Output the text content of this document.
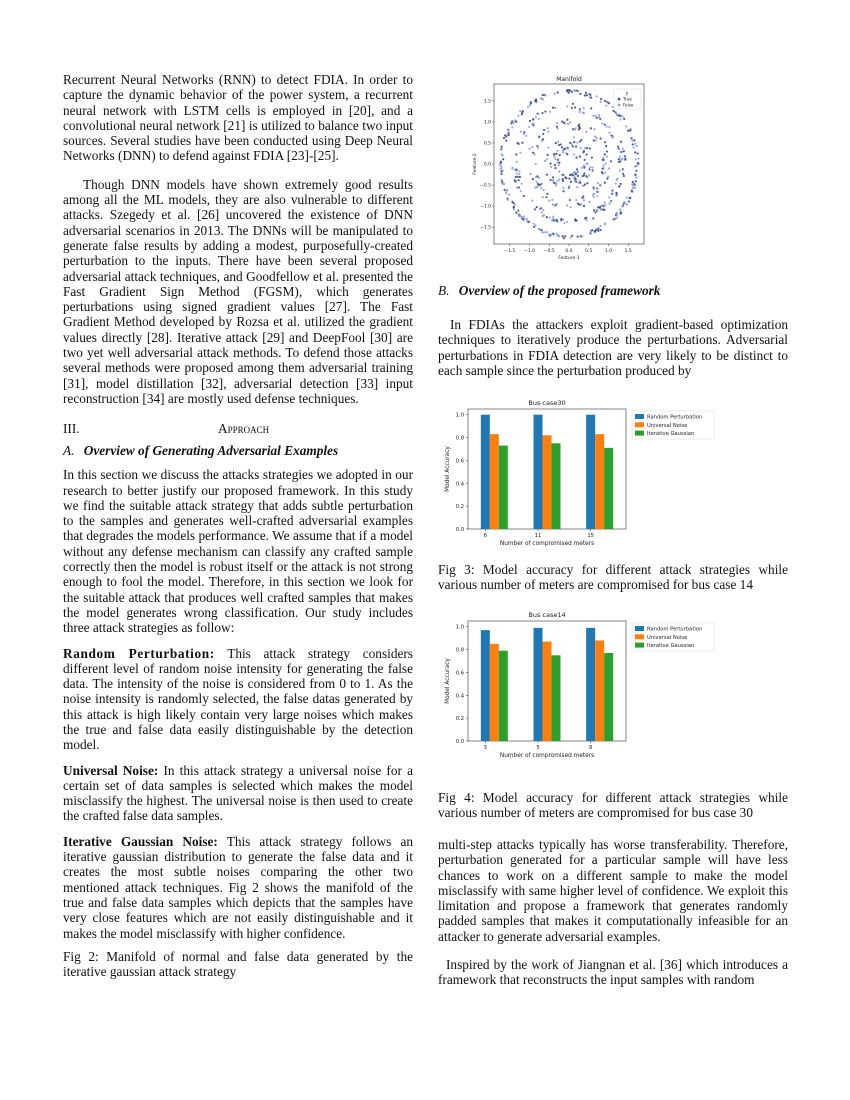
Recurrent Neural Networks (RNN) to detect FDIA. In order to capture the dynamic behavior of the power system, a recurrent neural network with LSTM cells is employed in [20], and a convolutional neural network [21] is utilized to balance two input sources. Several studies have been conducted using Deep Neural Networks (DNN) to defend against FDIA [23]-[25].

Though DNN models have shown extremely good results among all the ML models, they are also vulnerable to different attacks. Szegedy et al. [26] uncovered the existence of DNN adversarial scenarios in 2013. The DNNs will be manipulated to generate false results by adding a modest, purposefully-created perturbation to the inputs. There have been several proposed adversarial attack techniques, and Goodfellow et al. presented the Fast Gradient Sign Method (FGSM), which generates perturbations using signed gradient values [27]. The Fast Gradient Method developed by Rozsa et al. utilized the gradient values directly [28]. Iterative attack [29] and DeepFool [30] are two yet well adversarial attack methods. To defend those attacks several methods were proposed among them adversarial training [31], model distillation [32], adversarial detection [33] input reconstruction [34] are mostly used defense techniques.

III.	Approach
A. Overview of Generating Adversarial Examples

In this section we discuss the attacks strategies we adopted in our research to better justify our proposed framework. In this study we find the suitable attack strategy that adds subtle perturbation to the samples and generates well-crafted adversarial examples that degrades the models performance. We assume that if a model without any defense mechanism can classify any crafted sample correctly then the model is robust itself or the attack is not strong enough to fool the model. Therefore, in this section we look for the suitable attack that produces well crafted samples that makes the model generates wrong classification. Our study includes three attack strategies as follow:

Random Perturbation: This attack strategy considers different level of random noise intensity for generating the false data. The intensity of the noise is considered from 0 to 1. As the noise intensity is randomly selected, the false datas generated by this attack is high likely contain very large noises which makes the true and false data easily distinguishable by the detection model.

Universal Noise: In this attack strategy a universal noise for a certain set of data samples is selected which makes the model misclassify the highest. The universal noise is then used to create the crafted false data samples.

Iterative Gaussian Noise: This attack strategy follows an iterative gaussian distribution to generate the false data and it creates the most subtle noises comparing the other two mentioned attack techniques. Fig 2 shows the manifold of the true and false data samples which depicts that the samples have very close features which are not easily distinguishable and it makes the model misclassify with higher confidence.

Fig 2: Manifold of normal and false data generated by the iterative gaussian attack strategy

Manifold
−1.5 −1.0 −0.5 0.0	0.5	1.0	1.5
1.5
1.0
0.5
0.0
−0.5
−1.0
−1.5
Feature-1
Feature-2
y
True
False
B. Overview of the proposed framework

In FDIAs the attackers exploit gradient-based optimization techniques to iteratively produce the perturbations. Adversarial perturbations in FDIA detection are very likely to be distinct to each sample since the perturbation produced by

Bus case30
0.0
0.2
0.4
0.6
0.8
1.0
6	11	15
Number of compromised meters
Model Accuracy
Random Perturbation
Universal Noise
Iterative Gaussian

Fig 3: Model accuracy for different attack strategies while various number of meters are compromised for bus case 14

Bus case14
0.0
0.2
0.4
0.6
0.8
1.0
3	5	8
Number of compromised meters
Model Accuracy
Random Perturbation
Universal Noise
Iterative Gaussian

Fig 4: Model accuracy for different attack strategies while various number of meters are compromised for bus case 30

multi-step attacks typically has worse transferability. Therefore, perturbation generated for a particular sample will have less chances to work on a different sample to make the model misclassify with same higher level of confidence. We exploit this limitation and propose a framework that generates randomly padded samples that makes it computationally infeasible for an attacker to generate adversarial examples.

Inspired by the work of Jiangnan et al. [36] which introduces a framework that reconstructs the input samples with random
